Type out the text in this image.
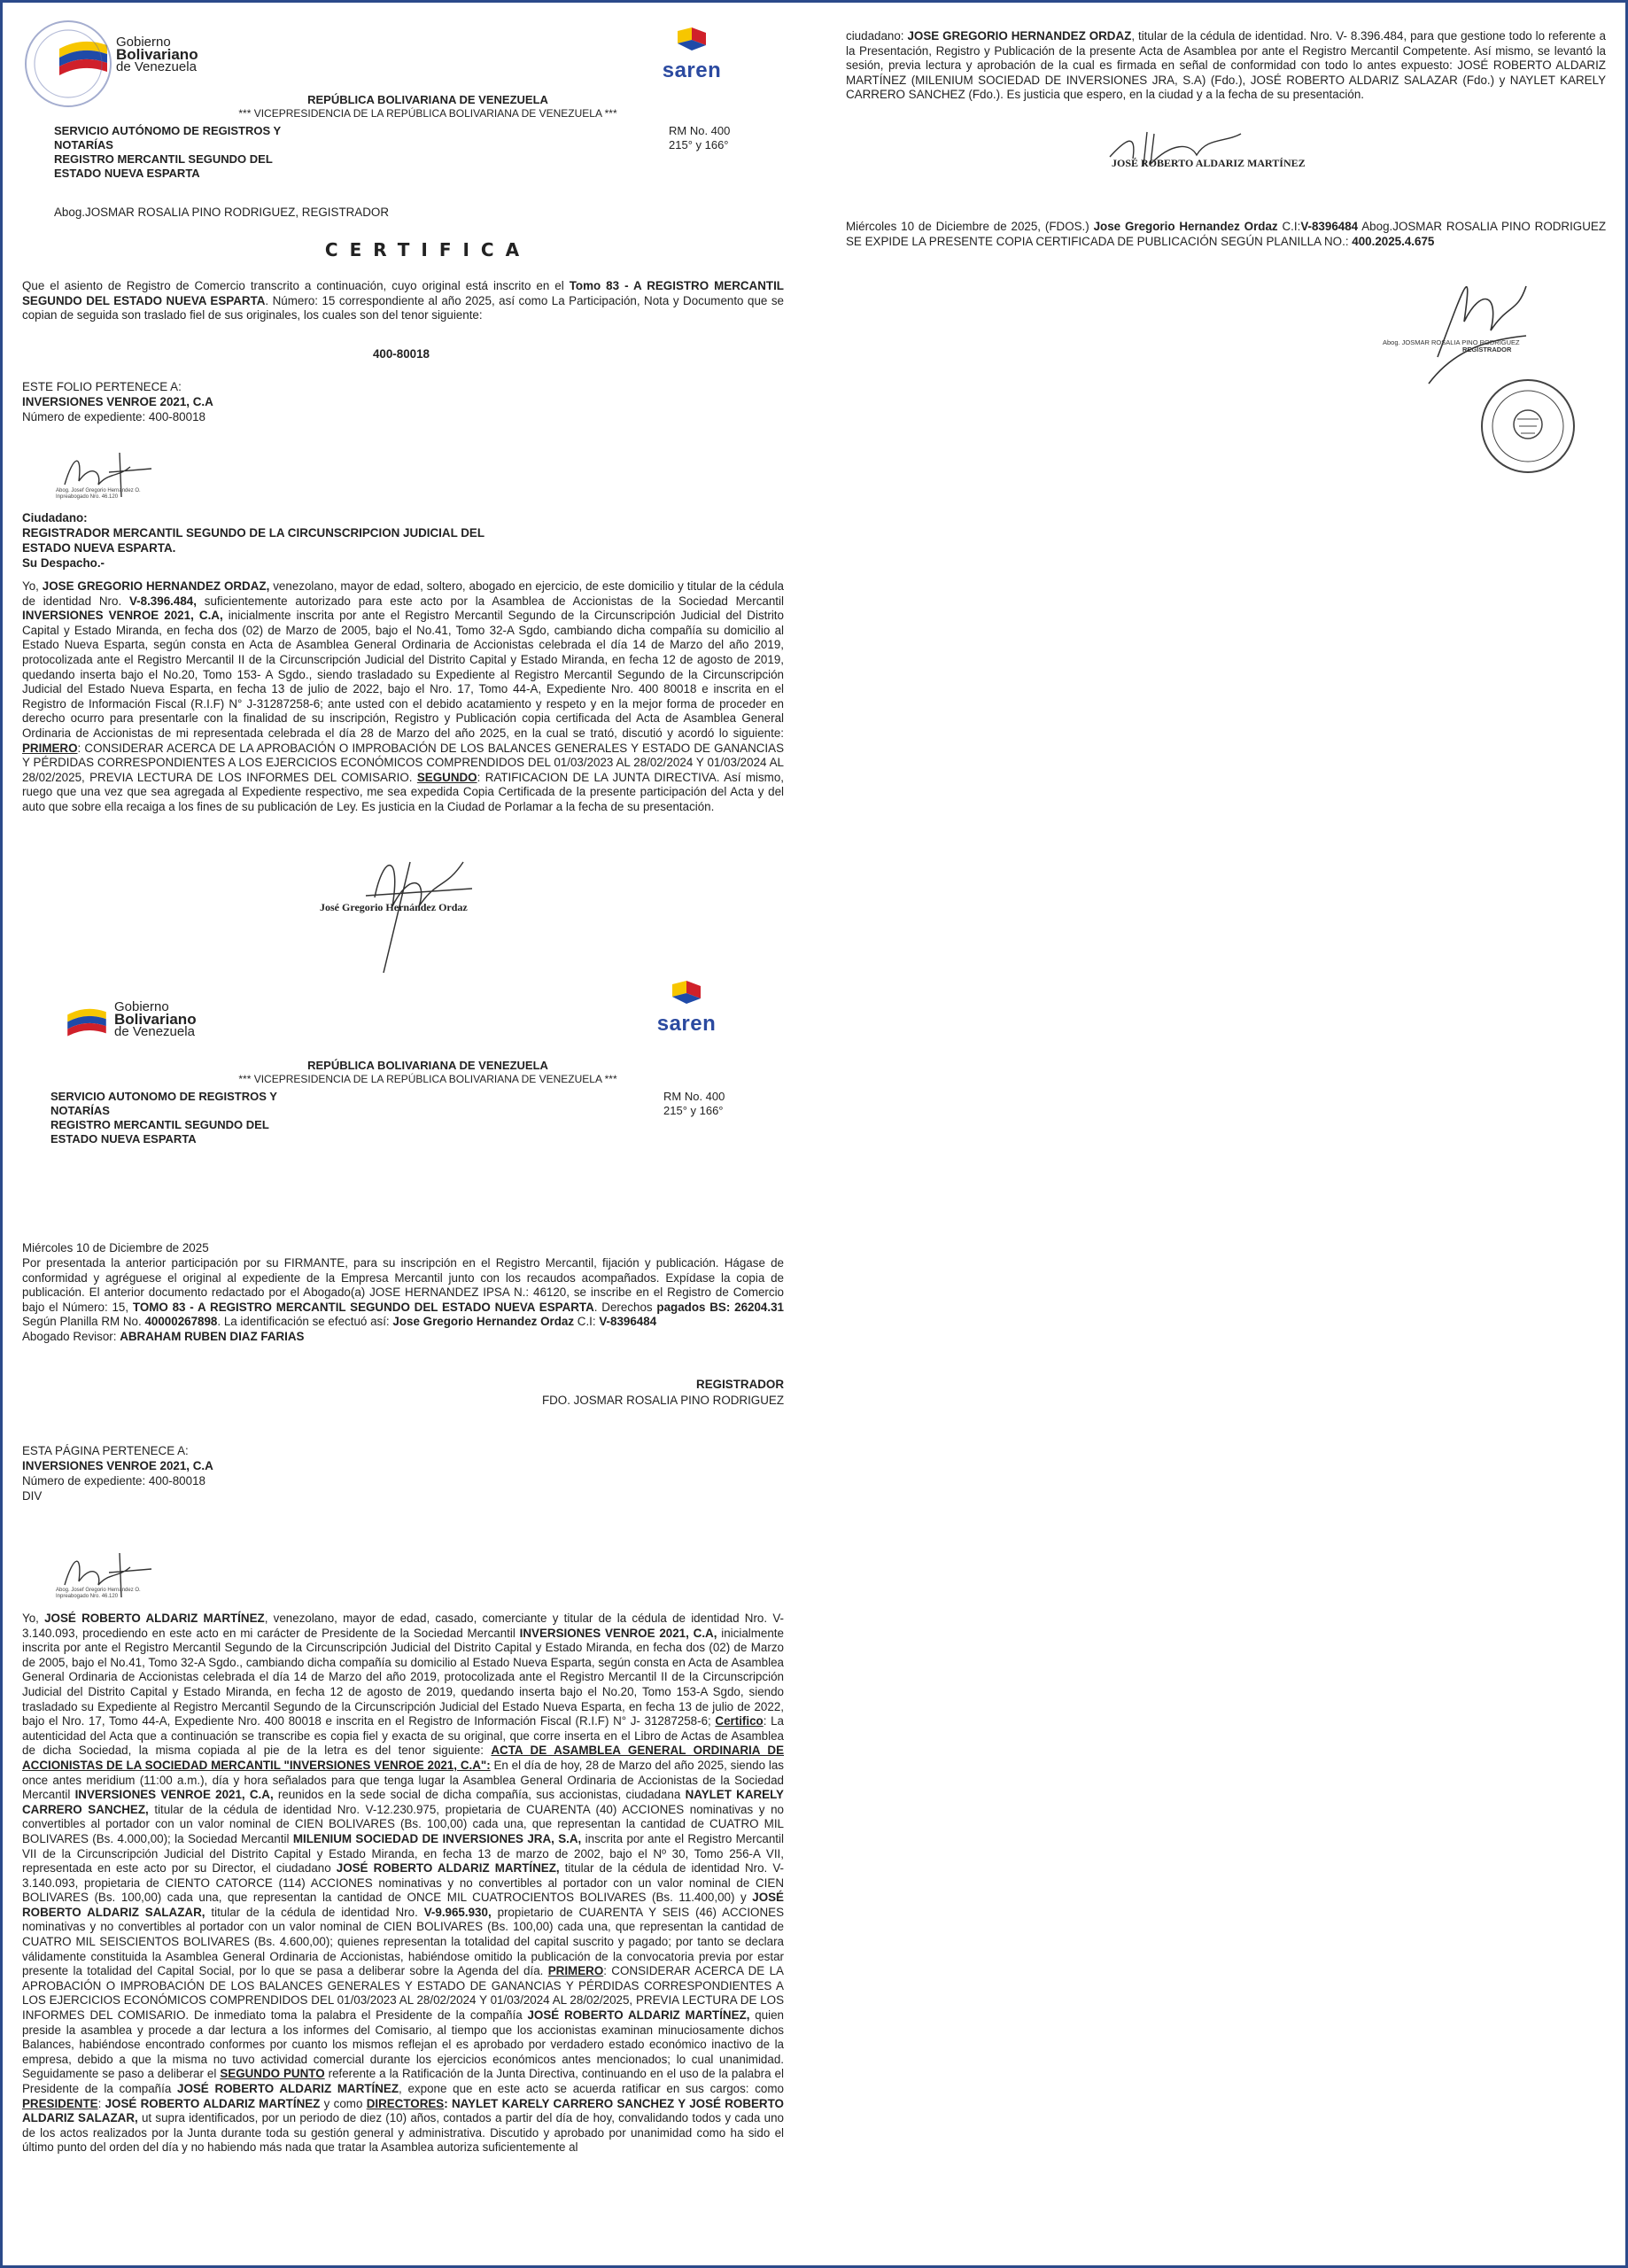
Gobierno
Bolivariano
de Venezuela	saren
REPÚBLICA BOLIVARIANA DE VENEZUELA
*** VICEPRESIDENCIA DE LA REPÚBLICA BOLIVARIANA DE VENEZUELA ***
SERVICIO AUTÓNOMO DE REGISTROS Y
NOTARÍAS
REGISTRO MERCANTIL SEGUNDO DEL
ESTADO NUEVA ESPARTA
RM No. 400
215° y 166°
Abog.JOSMAR ROSALIA PINO RODRIGUEZ, REGISTRADOR
CERTIFICA
Que el asiento de Registro de Comercio transcrito a continuación, cuyo original está inscrito en el Tomo 83 - A REGISTRO MERCANTIL SEGUNDO DEL ESTADO NUEVA ESPARTA. Número: 15 correspondiente al año 2025, así como La Participación, Nota y Documento que se copian de seguida son traslado fiel de sus originales, los cuales son del tenor siguiente:
400-80018
ESTE FOLIO PERTENECE A:
INVERSIONES VENROE 2021, C.A
Número de expediente: 400-80018
Abog. Josef Gregorio Hernández O.
Inpreabogado Nro. 46.120
Ciudadano:
REGISTRADOR MERCANTIL SEGUNDO DE LA CIRCUNSCRIPCION JUDICIAL DEL
ESTADO NUEVA ESPARTA.
Su Despacho.-
Yo, JOSE GREGORIO HERNANDEZ ORDAZ, venezolano, mayor de edad, soltero, abogado en ejercicio, de este domicilio y titular de la cédula de identidad Nro. V-8.396.484, suficientemente autorizado para este acto por la Asamblea de Accionistas de la Sociedad Mercantil INVERSIONES VENROE 2021, C.A, inicialmente inscrita por ante el Registro Mercantil Segundo de la Circunscripción Judicial del Distrito Capital y Estado Miranda, en fecha dos (02) de Marzo de 2005, bajo el No.41, Tomo 32-A Sgdo, cambiando dicha compañía su domicilio al Estado Nueva Esparta, según consta en Acta de Asamblea General Ordinaria de Accionistas celebrada el día 14 de Marzo del año 2019, protocolizada ante el Registro Mercantil II de la Circunscripción Judicial del Distrito Capital y Estado Miranda, en fecha 12 de agosto de 2019, quedando inserta bajo el No.20, Tomo 153- A Sgdo., siendo trasladado su Expediente al Registro Mercantil Segundo de la Circunscripción Judicial del Estado Nueva Esparta, en fecha 13 de julio de 2022, bajo el Nro. 17, Tomo 44-A, Expediente Nro. 400 80018 e inscrita en el Registro de Información Fiscal (R.I.F) N° J-31287258-6; ante usted con el debido acatamiento y respeto y en la mejor forma de proceder en derecho ocurro para presentarle con la finalidad de su inscripción, Registro y Publicación copia certificada del Acta de Asamblea General Ordinaria de Accionistas de mi representada celebrada el día 28 de Marzo del año 2025, en la cual se trató, discutió y acordó lo siguiente: PRIMERO: CONSIDERAR ACERCA DE LA APROBACIÓN O IMPROBACIÓN DE LOS BALANCES GENERALES Y ESTADO DE GANANCIAS Y PÉRDIDAS CORRESPONDIENTES A LOS EJERCICIOS ECONÓMICOS COMPRENDIDOS DEL 01/03/2023 AL 28/02/2024 Y 01/03/2024 AL 28/02/2025, PREVIA LECTURA DE LOS INFORMES DEL COMISARIO. SEGUNDO: RATIFICACION DE LA JUNTA DIRECTIVA. Así mismo, ruego que una vez que sea agregada al Expediente respectivo, me sea expedida Copia Certificada de la presente participación del Acta y del auto que sobre ella recaiga a los fines de su publicación de Ley. Es justicia en la Ciudad de Porlamar a la fecha de su presentación.
José Gregorio Hernández Ordaz
Gobierno
Bolivariano
de Venezuela	saren
REPÚBLICA BOLIVARIANA DE VENEZUELA
*** VICEPRESIDENCIA DE LA REPÚBLICA BOLIVARIANA DE VENEZUELA ***
SERVICIO AUTONOMO DE REGISTROS Y
NOTARÍAS
REGISTRO MERCANTIL SEGUNDO DEL
ESTADO NUEVA ESPARTA
RM No. 400
215° y 166°
Miércoles 10 de Diciembre de 2025
Por presentada la anterior participación por su FIRMANTE, para su inscripción en el Registro Mercantil, fijación y publicación. Hágase de conformidad y agréguese el original al expediente de la Empresa Mercantil junto con los recaudos acompañados. Expídase la copia de publicación. El anterior documento redactado por el Abogado(a) JOSE HERNANDEZ IPSA N.: 46120, se inscribe en el Registro de Comercio bajo el Número: 15, TOMO 83 - A REGISTRO MERCANTIL SEGUNDO DEL ESTADO NUEVA ESPARTA. Derechos pagados BS: 26204.31 Según Planilla RM No. 40000267898. La identificación se efectuó así: Jose Gregorio Hernandez Ordaz C.I: V-8396484
Abogado Revisor: ABRAHAM RUBEN DIAZ FARIAS
REGISTRADOR
FDO. JOSMAR ROSALIA PINO RODRIGUEZ
ESTA PÁGINA PERTENECE A:
INVERSIONES VENROE 2021, C.A
Número de expediente: 400-80018
DIV
Abog. Josef Gregorio Hernández O.
Inpreabogado Nro. 46.120
Yo, JOSÉ ROBERTO ALDARIZ MARTÍNEZ, venezolano, mayor de edad, casado, comerciante y titular de la cédula de identidad Nro. V-3.140.093, procediendo en este acto en mi carácter de Presidente de la Sociedad Mercantil INVERSIONES VENROE 2021, C.A, inicialmente inscrita por ante el Registro Mercantil Segundo de la Circunscripción Judicial del Distrito Capital y Estado Miranda, en fecha dos (02) de Marzo de 2005, bajo el No.41, Tomo 32-A Sgdo., cambiando dicha compañía su domicilio al Estado Nueva Esparta, según consta en Acta de Asamblea General Ordinaria de Accionistas celebrada el día 14 de Marzo del año 2019, protocolizada ante el Registro Mercantil II de la Circunscripción Judicial del Distrito Capital y Estado Miranda, en fecha 12 de agosto de 2019, quedando inserta bajo el No.20, Tomo 153-A Sgdo, siendo trasladado su Expediente al Registro Mercantil Segundo de la Circunscripción Judicial del Estado Nueva Esparta, en fecha 13 de julio de 2022, bajo el Nro. 17, Tomo 44-A, Expediente Nro. 400 80018 e inscrita en el Registro de Información Fiscal (R.I.F) N° J- 31287258-6; Certifico: La autenticidad del Acta que a continuación se transcribe es copia fiel y exacta de su original, que corre inserta en el Libro de Actas de Asamblea de dicha Sociedad, la misma copiada al pie de la letra es del tenor siguiente: ACTA DE ASAMBLEA GENERAL ORDINARIA DE ACCIONISTAS DE LA SOCIEDAD MERCANTIL "INVERSIONES VENROE 2021, C.A": En el día de hoy, 28 de Marzo del año 2025, siendo las once antes meridium (11:00 a.m.), día y hora señalados para que tenga lugar la Asamblea General Ordinaria de Accionistas de la Sociedad Mercantil INVERSIONES VENROE 2021, C.A, reunidos en la sede social de dicha compañía, sus accionistas, ciudadana NAYLET KARELY CARRERO SANCHEZ, titular de la cédula de identidad Nro. V-12.230.975, propietaria de CUARENTA (40) ACCIONES nominativas y no convertibles al portador con un valor nominal de CIEN BOLIVARES (Bs. 100,00) cada una, que representan la cantidad de CUATRO MIL BOLIVARES (Bs. 4.000,00); la Sociedad Mercantil MILENIUM SOCIEDAD DE INVERSIONES JRA, S.A, inscrita por ante el Registro Mercantil VII de la Circunscripción Judicial del Distrito Capital y Estado Miranda, en fecha 13 de marzo de 2002, bajo el Nº 30, Tomo 256-A VII, representada en este acto por su Director, el ciudadano JOSÉ ROBERTO ALDARIZ MARTÍNEZ, titular de la cédula de identidad Nro. V-3.140.093, propietaria de CIENTO CATORCE (114) ACCIONES nominativas y no convertibles al portador con un valor nominal de CIEN BOLIVARES (Bs. 100,00) cada una, que representan la cantidad de ONCE MIL CUATROCIENTOS BOLIVARES (Bs. 11.400,00) y JOSÉ ROBERTO ALDARIZ SALAZAR, titular de la cédula de identidad Nro. V-9.965.930, propietario de CUARENTA Y SEIS (46) ACCIONES nominativas y no convertibles al portador con un valor nominal de CIEN BOLIVARES (Bs. 100,00) cada una, que representan la cantidad de CUATRO MIL SEISCIENTOS BOLIVARES (Bs. 4.600,00); quienes representan la totalidad del capital suscrito y pagado; por tanto se declara válidamente constituida la Asamblea General Ordinaria de Accionistas, habiéndose omitido la publicación de la convocatoria previa por estar presente la totalidad del Capital Social, por lo que se pasa a deliberar sobre la Agenda del día. PRIMERO: CONSIDERAR ACERCA DE LA APROBACIÓN O IMPROBACIÓN DE LOS BALANCES GENERALES Y ESTADO DE GANANCIAS Y PÉRDIDAS CORRESPONDIENTES A LOS EJERCICIOS ECONÓMICOS COMPRENDIDOS DEL 01/03/2023 AL 28/02/2024 Y 01/03/2024 AL 28/02/2025, PREVIA LECTURA DE LOS INFORMES DEL COMISARIO. De inmediato toma la palabra el Presidente de la compañía JOSÉ ROBERTO ALDARIZ MARTÍNEZ, quien preside la asamblea y procede a dar lectura a los informes del Comisario, al tiempo que los accionistas examinan minuciosamente dichos Balances, habiéndose encontrado conformes por cuanto los mismos reflejan el es aprobado por verdadero estado económico inactivo de la empresa, debido a que la misma no tuvo actividad comercial durante los ejercicios económicos antes mencionados; lo cual unanimidad. Seguidamente se paso a deliberar el SEGUNDO PUNTO referente a la Ratificación de la Junta Directiva, continuando en el uso de la palabra el Presidente de la compañía JOSÉ ROBERTO ALDARIZ MARTÍNEZ, expone que en este acto se acuerda ratificar en sus cargos: como PRESIDENTE: JOSÉ ROBERTO ALDARIZ MARTÍNEZ y como DIRECTORES: NAYLET KARELY CARRERO SANCHEZ Y JOSÉ ROBERTO ALDARIZ SALAZAR, ut supra identificados, por un periodo de diez (10) años, contados a partir del día de hoy, convalidando todos y cada uno de los actos realizados por la Junta durante toda su gestión general y administrativa. Discutido y aprobado por unanimidad como ha sido el último punto del orden del día y no habiendo más nada que tratar la Asamblea autoriza suficientemente al
ciudadano: JOSE GREGORIO HERNANDEZ ORDAZ, titular de la cédula de identidad. Nro. V- 8.396.484, para que gestione todo lo referente a la Presentación, Registro y Publicación de la presente Acta de Asamblea por ante el Registro Mercantil Competente. Así mismo, se levantó la sesión, previa lectura y aprobación de la cual es firmada en señal de conformidad con todo lo antes expuesto: JOSÉ ROBERTO ALDARIZ MARTÍNEZ (MILENIUM SOCIEDAD DE INVERSIONES JRA, S.A) (Fdo.), JOSÉ ROBERTO ALDARIZ SALAZAR (Fdo.) y NAYLET KARELY CARRERO SANCHEZ (Fdo.). Es justicia que espero, en la ciudad y a la fecha de su presentación.
JOSÉ ROBERTO ALDARIZ MARTÍNEZ
Miércoles 10 de Diciembre de 2025, (FDOS.) Jose Gregorio Hernandez Ordaz C.I:V-8396484 Abog.JOSMAR ROSALIA PINO RODRIGUEZ SE EXPIDE LA PRESENTE COPIA CERTIFICADA DE PUBLICACIÓN SEGÚN PLANILLA NO.: 400.2025.4.675
Abog. JOSMAR ROSALIA PINO RODRIGUEZ
REGISTRADOR
